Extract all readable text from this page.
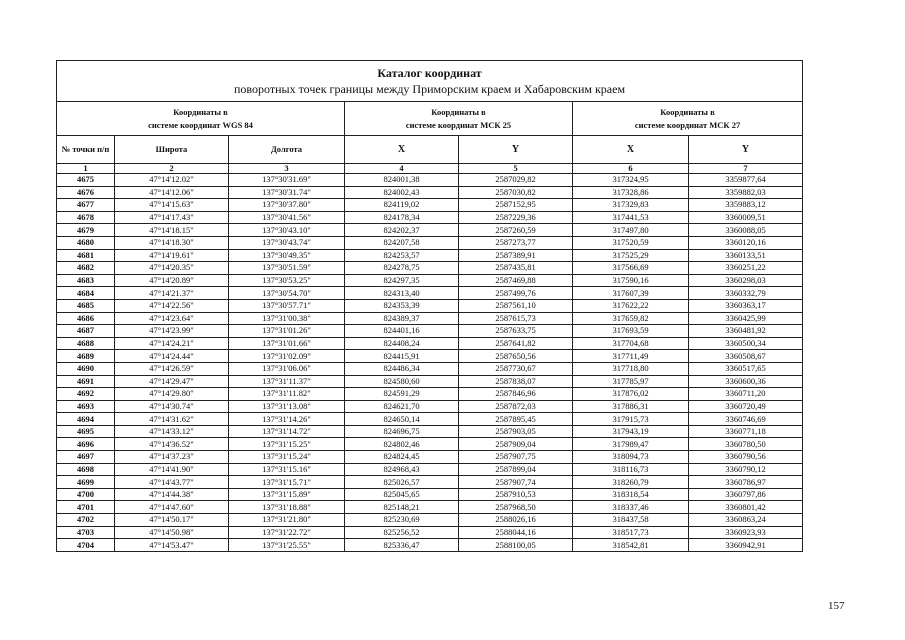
Каталог координат
поворотных точек границы между Приморским краем и Хабаровским краем						

Координаты в
системе координат WGS 84			Координаты в
системе координат МСК 25		Координаты в
системе координат МСК 27	
№ точки п/п	Широта	Долгота	X	Y	X	Y
1	2	3	4	5	6	7
4675	47°14'12.02"	137°30'31.69"	824001,38	2587029,82	317324,95	3359877,64
4676	47°14'12.06"	137°30'31.74"	824002,43	2587030,82	317328,86	3359882,03
4677	47°14'15.63"	137°30'37.80"	824119,02	2587152,95	317329,83	3359883,12
4678	47°14'17.43"	137°30'41.56"	824178,34	2587229,36	317441,53	3360009,51
4679	47°14'18.15"	137°30'43.10"	824202,37	2587260,59	317497,80	3360088,05
4680	47°14'18.30"	137°30'43.74"	824207,58	2587273,77	317520,59	3360120,16
4681	47°14'19.61"	137°30'49.35"	824253,57	2587389,91	317525,29	3360133,51
4682	47°14'20.35"	137°30'51.59"	824278,75	2587435,81	317566,69	3360251,22
4683	47°14'20.89"	137°30'53.25"	824297,35	2587469,88	317590,16	3360298,03
4684	47°14'21.37"	137°30'54.70"	824313,40	2587499,76	317607,39	3360332,79
4685	47°14'22.56"	137°30'57.71"	824353,39	2587561,10	317622,22	3360363,17
4686	47°14'23.64"	137°31'00.38"	824389,37	2587615,73	317659,82	3360425,99
4687	47°14'23.99"	137°31'01.26"	824401,16	2587633,75	317693,59	3360481,92
4688	47°14'24.21"	137°31'01.66"	824408,24	2587641,82	317704,68	3360500,34
4689	47°14'24.44"	137°31'02.09"	824415,91	2587650,56	317711,49	3360508,67
4690	47°14'26.59"	137°31'06.06"	824486,34	2587730,67	317718,80	3360517,65
4691	47°14'29.47"	137°31'11.37"	824580,60	2587838,07	317785,97	3360600,36
4692	47°14'29.80"	137°31'11.82"	824591,29	2587846,96	317876,02	3360711,20
4693	47°14'30.74"	137°31'13.08"	824621,70	2587872,03	317886,31	3360720,49
4694	47°14'31.62"	137°31'14.26"	824650,14	2587895,45	317915,73	3360746,69
4695	47°14'33.12"	137°31'14.72"	824696,75	2587903,05	317943,19	3360771,18
4696	47°14'36.52"	137°31'15.25"	824802,46	2587909,04	317989,47	3360780,50
4697	47°14'37.23"	137°31'15.24"	824824,45	2587907,75	318094,73	3360790,56
4698	47°14'41.90"	137°31'15.16"	824968,43	2587899,04	318116,73	3360790,12
4699	47°14'43.77"	137°31'15.71"	825026,57	2587907,74	318260,79	3360786,97
4700	47°14'44.38"	137°31'15.89"	825045,65	2587910,53	318318,54	3360797,86
4701	47°14'47.60"	137°31'18.88"	825148,21	2587968,50	318337,46	3360801,42
4702	47°14'50.17"	137°31'21.80"	825230,69	2588026,16	318437,58	3360863,24
4703	47°14'50.98"	137°31'22.72"	825256,52	2588044,16	318517,73	3360923,93
4704	47°14'53.47"	137°31'25.55"	825336,47	2588100,05	318542,81	3360942,91
157
